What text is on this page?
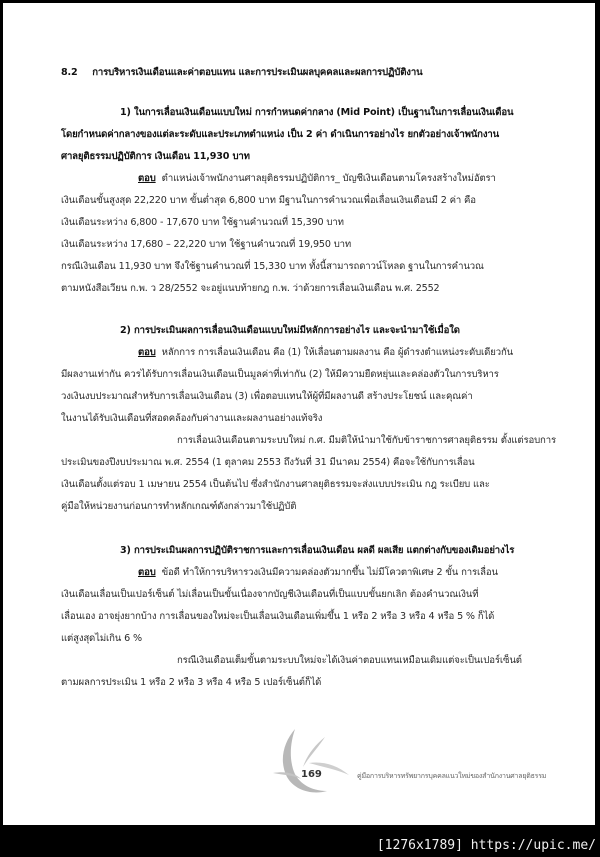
8.2 การบริหารเงินเดือนและค่าตอบแทน และการประเมินผลบุคคลและผลการปฏิบัติงาน
1) ในการเลื่อนเงินเดือนแบบใหม่ การกำหนดค่ากลาง (Mid Point) เป็นฐานในการเลื่อนเงินเดือน
โดยกำหนดค่ากลางของแต่ละระดับและประเภทตำแหน่ง เป็น 2 ค่า ดำเนินการอย่างไร ยกตัวอย่างเจ้าพนักงาน
ศาลยุติธรรมปฏิบัติการ เงินเดือน 11,930 บาท
ตอบ ตำแหน่งเจ้าพนักงานศาลยุติธรรมปฏิบัติการ_ บัญชีเงินเดือนตามโครงสร้างใหม่อัตรา
เงินเดือนขั้นสูงสุด 22,220 บาท ขั้นต่ำสุด 6,800 บาท มีฐานในการคำนวณเพื่อเลื่อนเงินเดือนมี 2 ค่า คือ
เงินเดือนระหว่าง 6,800 - 17,670 บาท ใช้ฐานคำนวณที่ 15,390 บาท
เงินเดือนระหว่าง 17,680 – 22,220 บาท ใช้ฐานคำนวณที่ 19,950 บาท
กรณีเงินเดือน 11,930 บาท จึงใช้ฐานคำนวณที่ 15,330 บาท ทั้งนี้สามารถดาวน์โหลด ฐานในการคำนวณ
ตามหนังสือเวียน ก.พ. ว 28/2552 จะอยู่แนบท้ายกฎ ก.พ. ว่าด้วยการเลื่อนเงินเดือน พ.ศ. 2552
2) การประเมินผลการเลื่อนเงินเดือนแบบใหม่มีหลักการอย่างไร และจะนำมาใช้เมื่อใด
ตอบ หลักการ การเลื่อนเงินเดือน คือ (1) ให้เลื่อนตามผลงาน คือ ผู้ดำรงตำแหน่งระดับเดียวกัน
มีผลงานเท่ากัน ควรได้รับการเลื่อนเงินเดือนเป็นมูลค่าที่เท่ากัน (2) ให้มีความยืดหยุ่นและคล่องตัวในการบริหาร
วงเงินงบประมาณสำหรับการเลื่อนเงินเดือน (3) เพื่อตอบแทนให้ผู้ที่มีผลงานดี สร้างประโยชน์ และคุณค่า
ในงานได้รับเงินเดือนที่สอดคล้องกับค่างานและผลงานอย่างแท้จริง
การเลื่อนเงินเดือนตามระบบใหม่ ก.ศ. มีมติให้นำมาใช้กับข้าราชการศาลยุติธรรม ตั้งแต่รอบการ
ประเมินของปีงบประมาณ พ.ศ. 2554 (1 ตุลาคม 2553 ถึงวันที่ 31 มีนาคม 2554) คือจะใช้กับการเลื่อน
เงินเดือนตั้งแต่รอบ 1 เมษายน 2554 เป็นต้นไป ซึ่งสำนักงานศาลยุติธรรมจะส่งแบบประเมิน กฎ ระเบียบ และ
คู่มือให้หน่วยงานก่อนการทำหลักเกณฑ์ดังกล่าวมาใช้ปฏิบัติ
3) การประเมินผลการปฏิบัติราชการและการเลื่อนเงินเดือน ผลดี ผลเสีย แตกต่างกับของเดิมอย่างไร
ตอบ ข้อดี ทำให้การบริหารวงเงินมีความคล่องตัวมากขึ้น ไม่มีโควตาพิเศษ 2 ขั้น การเลื่อน
เงินเดือนเลื่อนเป็นเปอร์เซ็นต์ ไม่เลื่อนเป็นขั้นเนื่องจากบัญชีเงินเดือนที่เป็นแบบขั้นยกเลิก ต้องคำนวณเงินที่
เลื่อนเอง อาจยุ่งยากบ้าง การเลื่อนของใหม่จะเป็นเลื่อนเงินเดือนเพิ่มขึ้น 1 หรือ 2 หรือ 3 หรือ 4 หรือ 5 % ก็ได้
แต่สูงสุดไม่เกิน 6 %
กรณีเงินเดือนเต็มขั้นตามระบบใหม่จะได้เงินค่าตอบแทนเหมือนเดิมแต่จะเป็นเปอร์เซ็นต์
ตามผลการประเมิน 1 หรือ 2 หรือ 3 หรือ 4 หรือ 5 เปอร์เซ็นต์ก็ได้
169	คู่มือการบริหารทรัพยากรบุคคลแนวใหม่ของสำนักงานศาลยุติธรรม
[1276x1789] https://upic.me/
